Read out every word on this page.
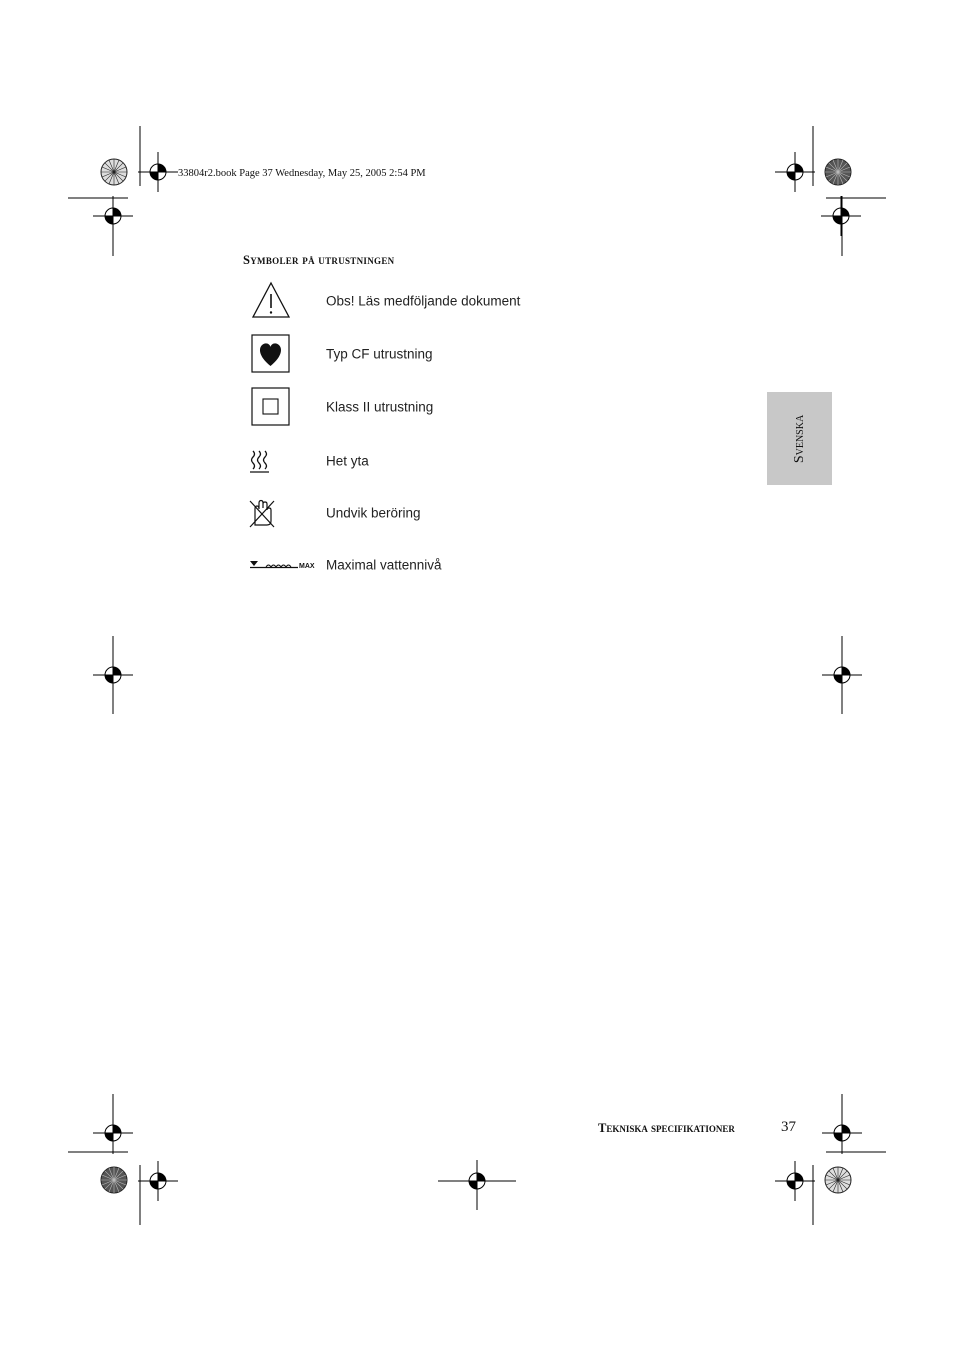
33804r2.book Page 37 Wednesday, May 25, 2005 2:54 PM
Symboler på utrustningen
Obs! Läs medföljande dokument
Typ CF utrustning
Klass II utrustning
Het yta
Undvik beröring
MAX Maximal vattennivå
Svenska
Tekniska specifikationer	37
